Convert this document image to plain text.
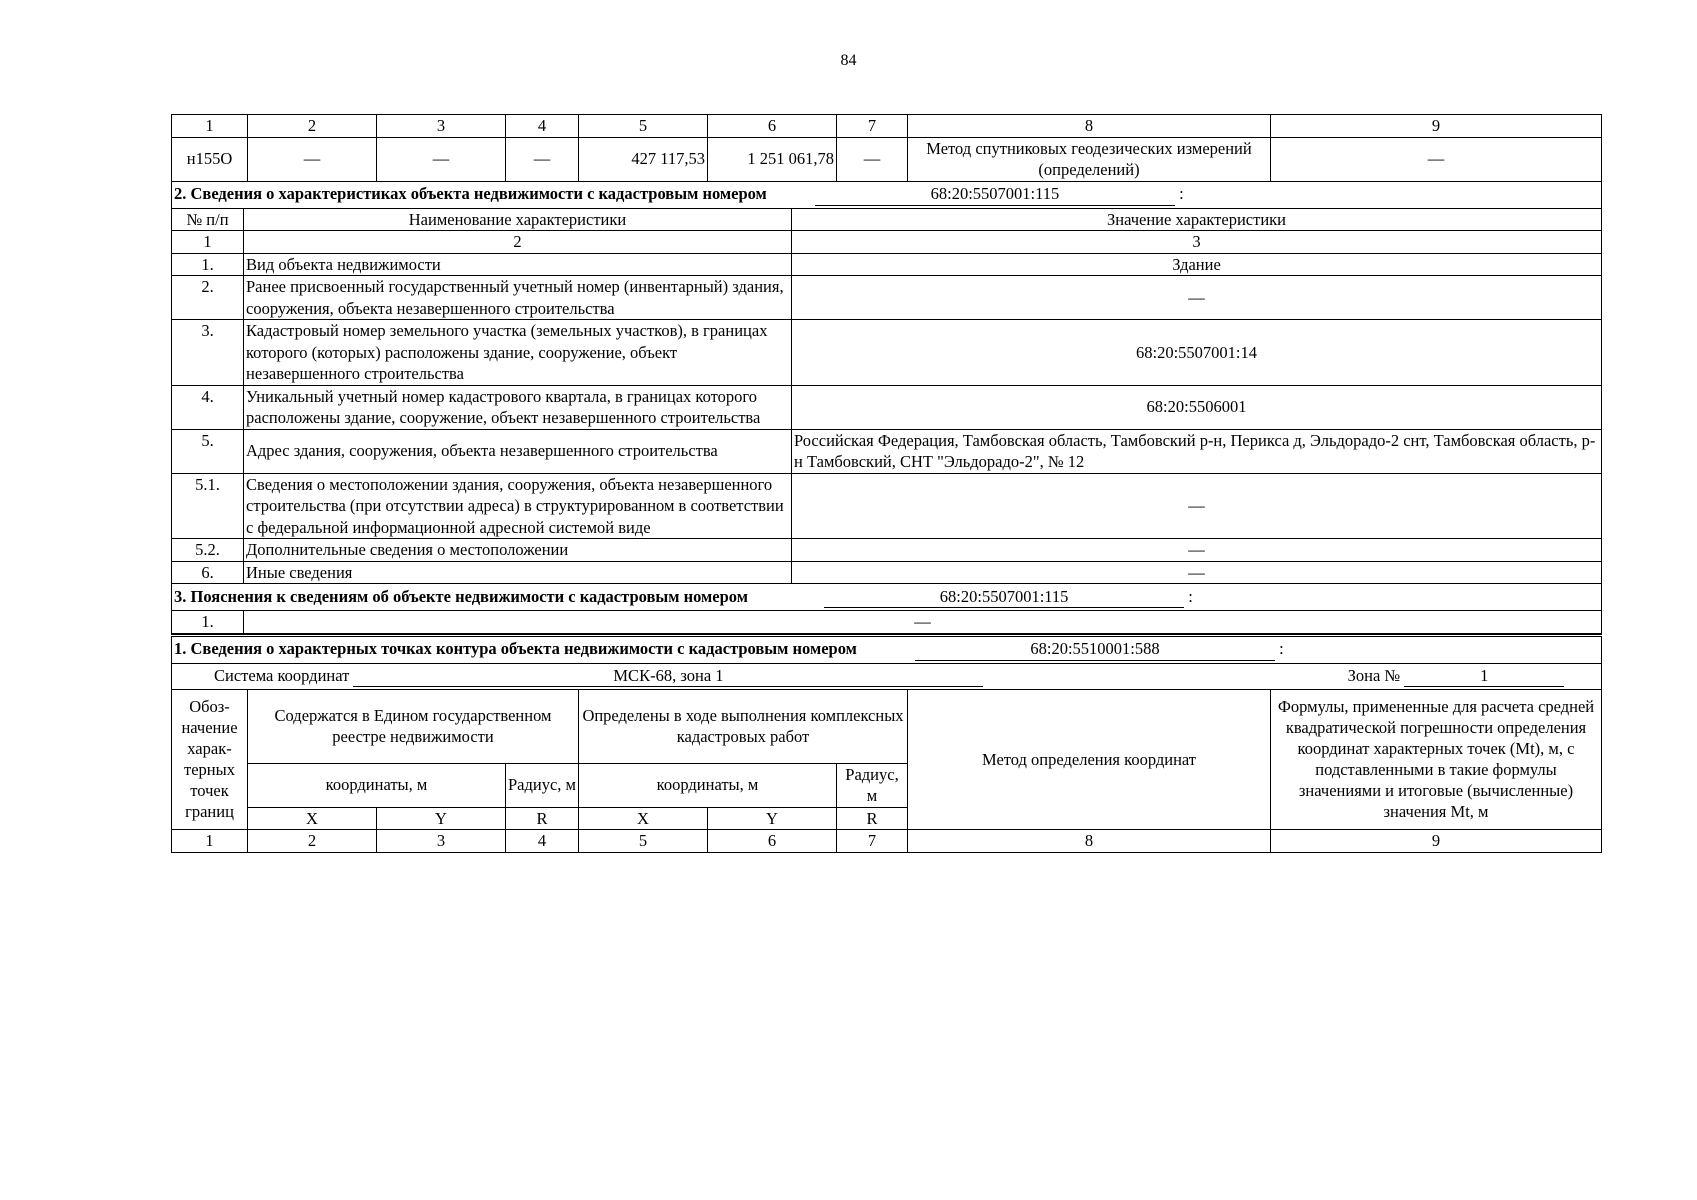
84
1	2	3	4	5	6	7	8	9
н155О	—	—	—	427 117,53	1 251 061,78	—	Метод спутниковых геодезических измерений (определений)	—
2. Сведения о характеристиках объекта недвижимости с кадастровым номером 68:20:5507001:115 :		
№ п/п	Наименование характеристики	Значение характеристики
1	2	3
1.	Вид объекта недвижимости	Здание
2.	Ранее присвоенный государственный учетный номер (инвентарный) здания, сооружения, объекта незавершенного строительства	—
3.	Кадастровый номер земельного участка (земельных участков), в границах которого (которых) расположены здание, сооружение, объект незавершенного строительства	68:20:5507001:14
4.	Уникальный учетный номер кадастрового квартала, в границах которого расположены здание, сооружение, объект незавершенного строительства	68:20:5506001
5.	Адрес здания, сооружения, объекта незавершенного строительства	Российская Федерация, Тамбовская область, Тамбовский р-н, Перикса д, Эльдорадо-2 снт, Тамбовская область, р-н Тамбовский, СНТ "Эльдорадо-2", № 12
5.1.	Сведения о местоположении здания, сооружения, объекта незавершенного строительства (при отсутствии адреса) в структурированном в соответствии с федеральной информационной адресной системой виде	—
5.2.	Дополнительные сведения о местоположении	—
6.	Иные сведения	—
3. Пояснения к сведениям об объекте недвижимости с кадастровым номером	68:20:5507001:115	:
1.	—
1. Сведения о характерных точках контура объекта недвижимости с кадастровым номером 68:20:5510001:588 :								
Система координат МСК-68, зона 1 Зона № 1								
Обоз-начение харак-терных точек границ	Содержатся в Едином государственном реестре недвижимости			Определены в ходе выполнения комплексных кадастровых работ			Метод определения координат	Формулы, примененные для расчета средней квадратической погрешности определения координат характерных точек (Mt), м, с подставленными в такие формулы значениями и итоговые (вычисленные) значения Mt, м
	координаты, м		Радиус, м	координаты, м		Радиус, м		
	X	Y	R	X	Y	R		
1	2	3	4	5	6	7	8	9
